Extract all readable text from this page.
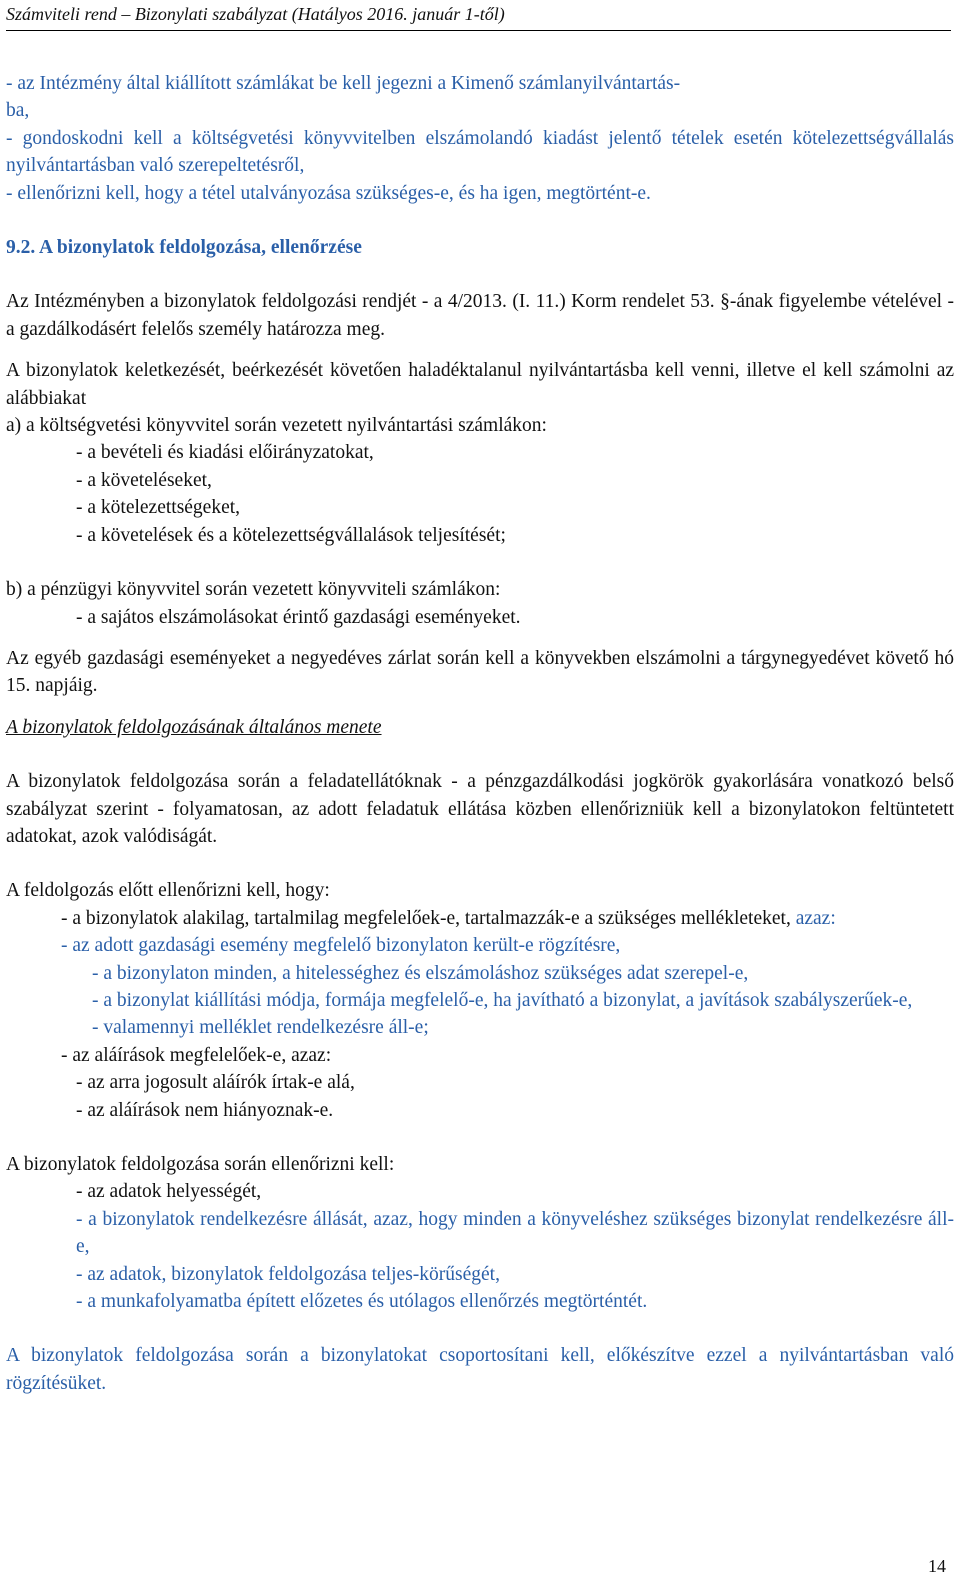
Számviteli rend – Bizonylati szabályzat (Hatályos 2016. január 1-től)

- az Intézmény által kiállított számlákat be kell jegezni a Kimenő számlanyilvántartás-
ba,

- gondoskodni kell a költségvetési könyvvitelben elszámolandó kiadást jelentő tételek esetén kötelezettségvállalás nyilvántartásban való szerepeltetésről,

- ellenőrizni kell, hogy a tétel utalványozása szükséges-e, és ha igen, megtörtént-e.

9.2. A bizonylatok feldolgozása, ellenőrzése

Az Intézményben a bizonylatok feldolgozási rendjét - a 4/2013. (I. 11.) Korm rendelet 53. §-ának figyelembe vételével - a gazdálkodásért felelős személy határozza meg.

A bizonylatok keletkezését, beérkezését követően haladéktalanul nyilvántartásba kell venni, illetve el kell számolni az alábbiakat

a) a költségvetési könyvvitel során vezetett nyilvántartási számlákon:

- a bevételi és kiadási előirányzatokat,

- a követeléseket,

- a kötelezettségeket,

- a követelések és a kötelezettségvállalások teljesítését;

b) a pénzügyi könyvvitel során vezetett könyvviteli számlákon:

- a sajátos elszámolásokat érintő gazdasági eseményeket.

Az egyéb gazdasági eseményeket a negyedéves zárlat során kell a könyvekben elszámolni a tárgynegyedévet követő hó 15. napjáig.

A bizonylatok feldolgozásának általános menete

A bizonylatok feldolgozása során a feladatellátóknak - a pénzgazdálkodási jogkörök gyakorlására vonatkozó belső szabályzat szerint - folyamatosan, az adott feladatuk ellátása közben ellenőrizniük kell a bizonylatokon feltüntetett adatokat, azok valódiságát.

A feldolgozás előtt ellenőrizni kell, hogy:

- a bizonylatok alakilag, tartalmilag megfelelőek-e, tartalmazzák-e a szükséges mellékleteket, azaz:

- az adott gazdasági esemény megfelelő bizonylaton került-e rögzítésre,

- a bizonylaton minden, a hitelességhez és elszámoláshoz szükséges adat szerepel-e,

- a bizonylat kiállítási módja, formája megfelelő-e, ha javítható a bizonylat, a javítások szabályszerűek-e,

- valamennyi melléklet rendelkezésre áll-e;

- az aláírások megfelelőek-e, azaz:

- az arra jogosult aláírók írtak-e alá,

- az aláírások nem hiányoznak-e.

A bizonylatok feldolgozása során ellenőrizni kell:

- az adatok helyességét,

- a bizonylatok rendelkezésre állását, azaz, hogy minden a könyveléshez szükséges bizonylat rendelkezésre áll-e,

- az adatok, bizonylatok feldolgozása teljes-körűségét,

- a munkafolyamatba épített előzetes és utólagos ellenőrzés megtörténtét.

A bizonylatok feldolgozása során a bizonylatokat csoportosítani kell, előkészítve ezzel a nyilvántartásban való rögzítésüket.

14
